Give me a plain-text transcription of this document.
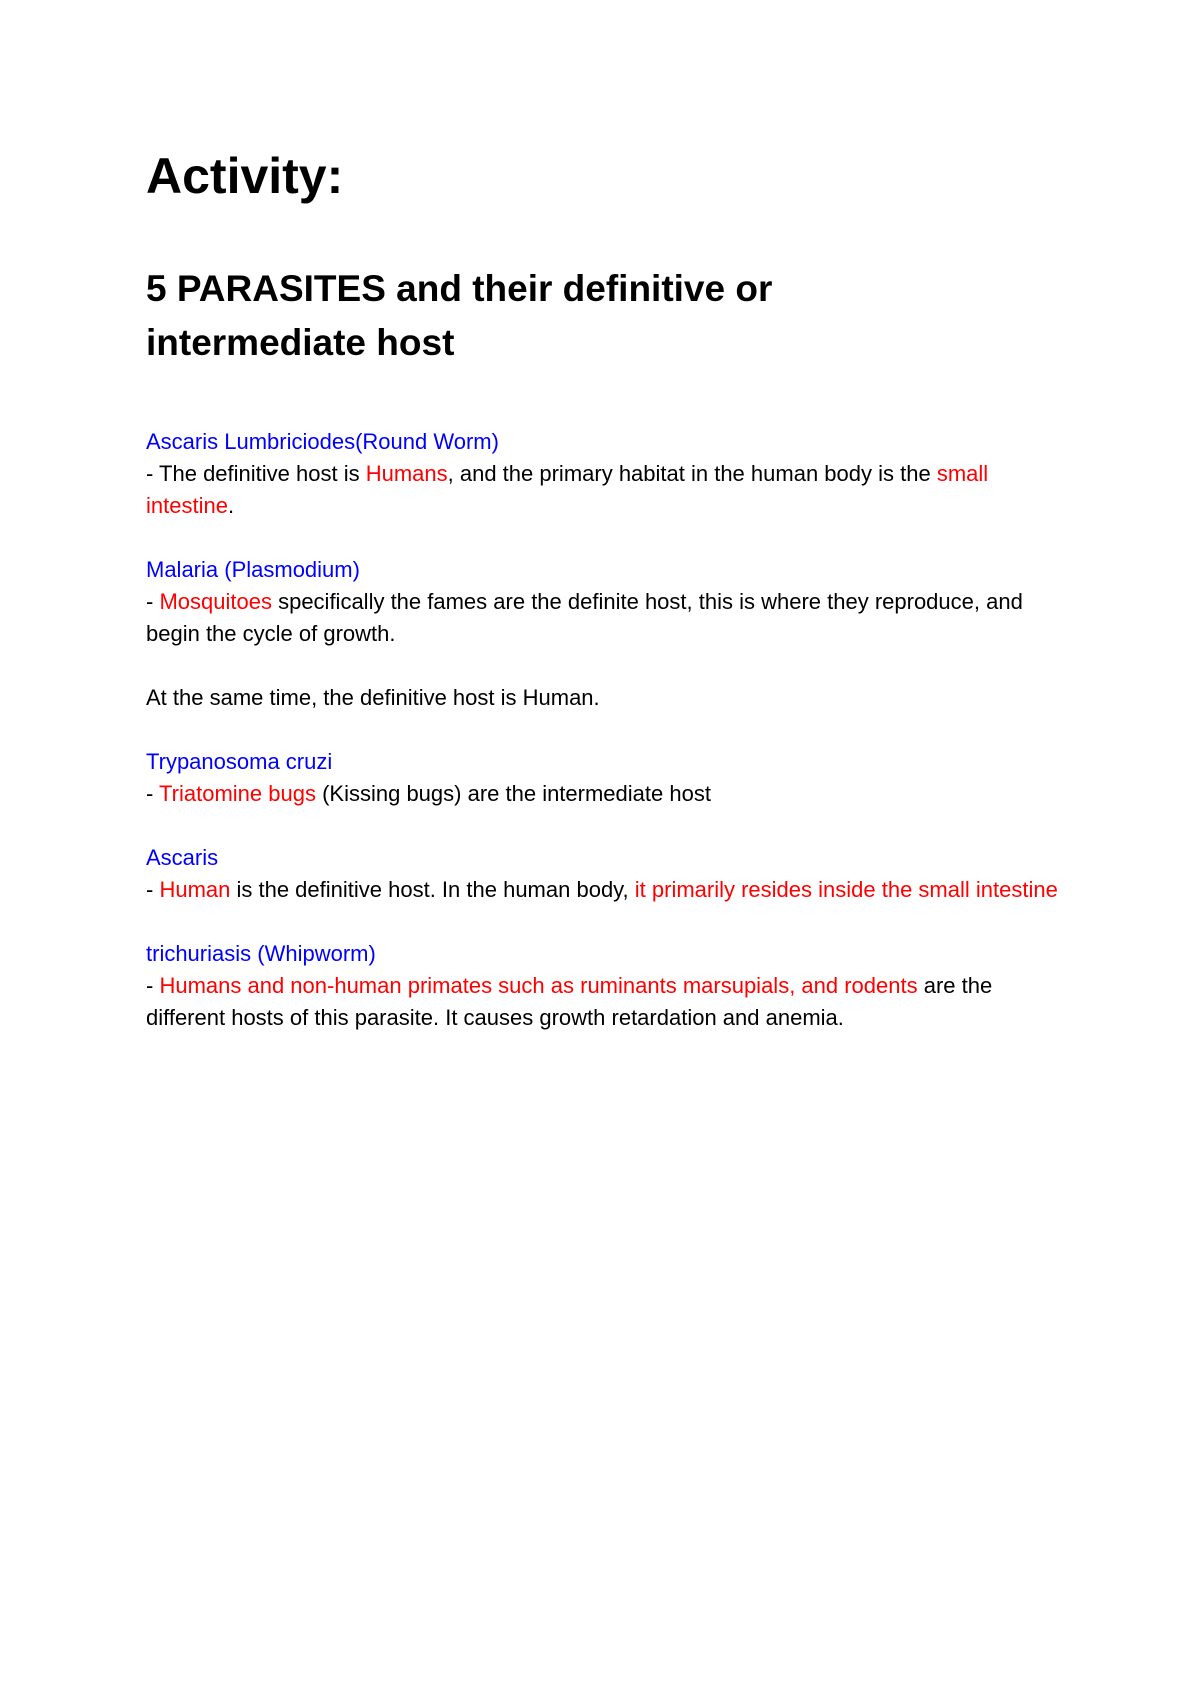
Activity:
5 PARASITES and their definitive or
intermediate host
Ascaris Lumbriciodes(Round Worm)

- The definitive host is Humans, and the primary habitat in the human body is the small intestine.

Malaria (Plasmodium)

- Mosquitoes specifically the fames are the definite host, this is where they reproduce, and begin the cycle of growth.

At the same time, the definitive host is Human.

Trypanosoma cruzi

- Triatomine bugs (Kissing bugs) are the intermediate host

Ascaris

- Human is the definitive host. In the human body, it primarily resides inside the small intestine

trichuriasis (Whipworm)

- Humans and non-human primates such as ruminants marsupials, and rodents are the different hosts of this parasite. It causes growth retardation and anemia.
